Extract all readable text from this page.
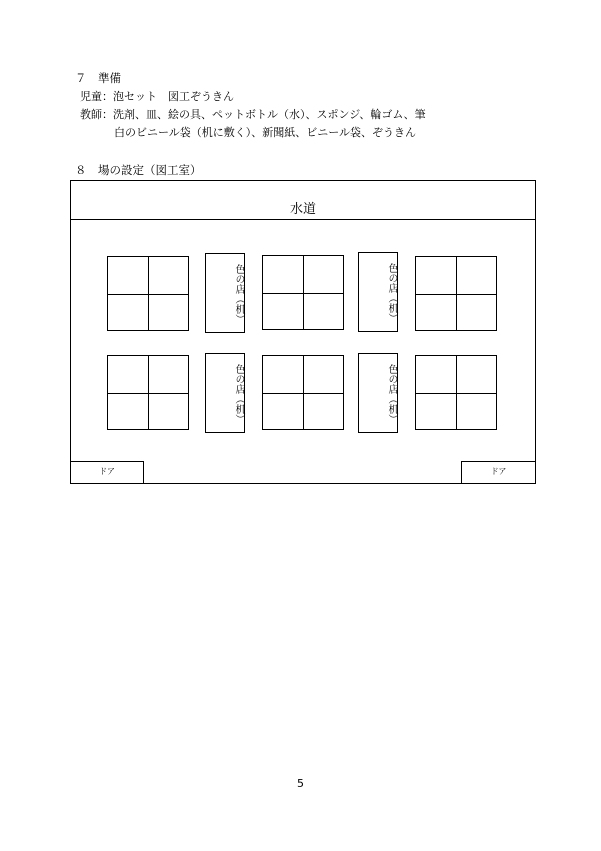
７　準備
児童：泡セット　図工ぞうきん
教師：洗剤、皿、絵の具、ペットボトル（水）、スポンジ、輪ゴム、筆
白のビニール袋（机に敷く）、新聞紙、ビニール袋、ぞうきん
８　場の設定（図工室）
水道
色の店（机）	色の店（机）
色の店（机）	色の店（机）
ドア	ドア
5
